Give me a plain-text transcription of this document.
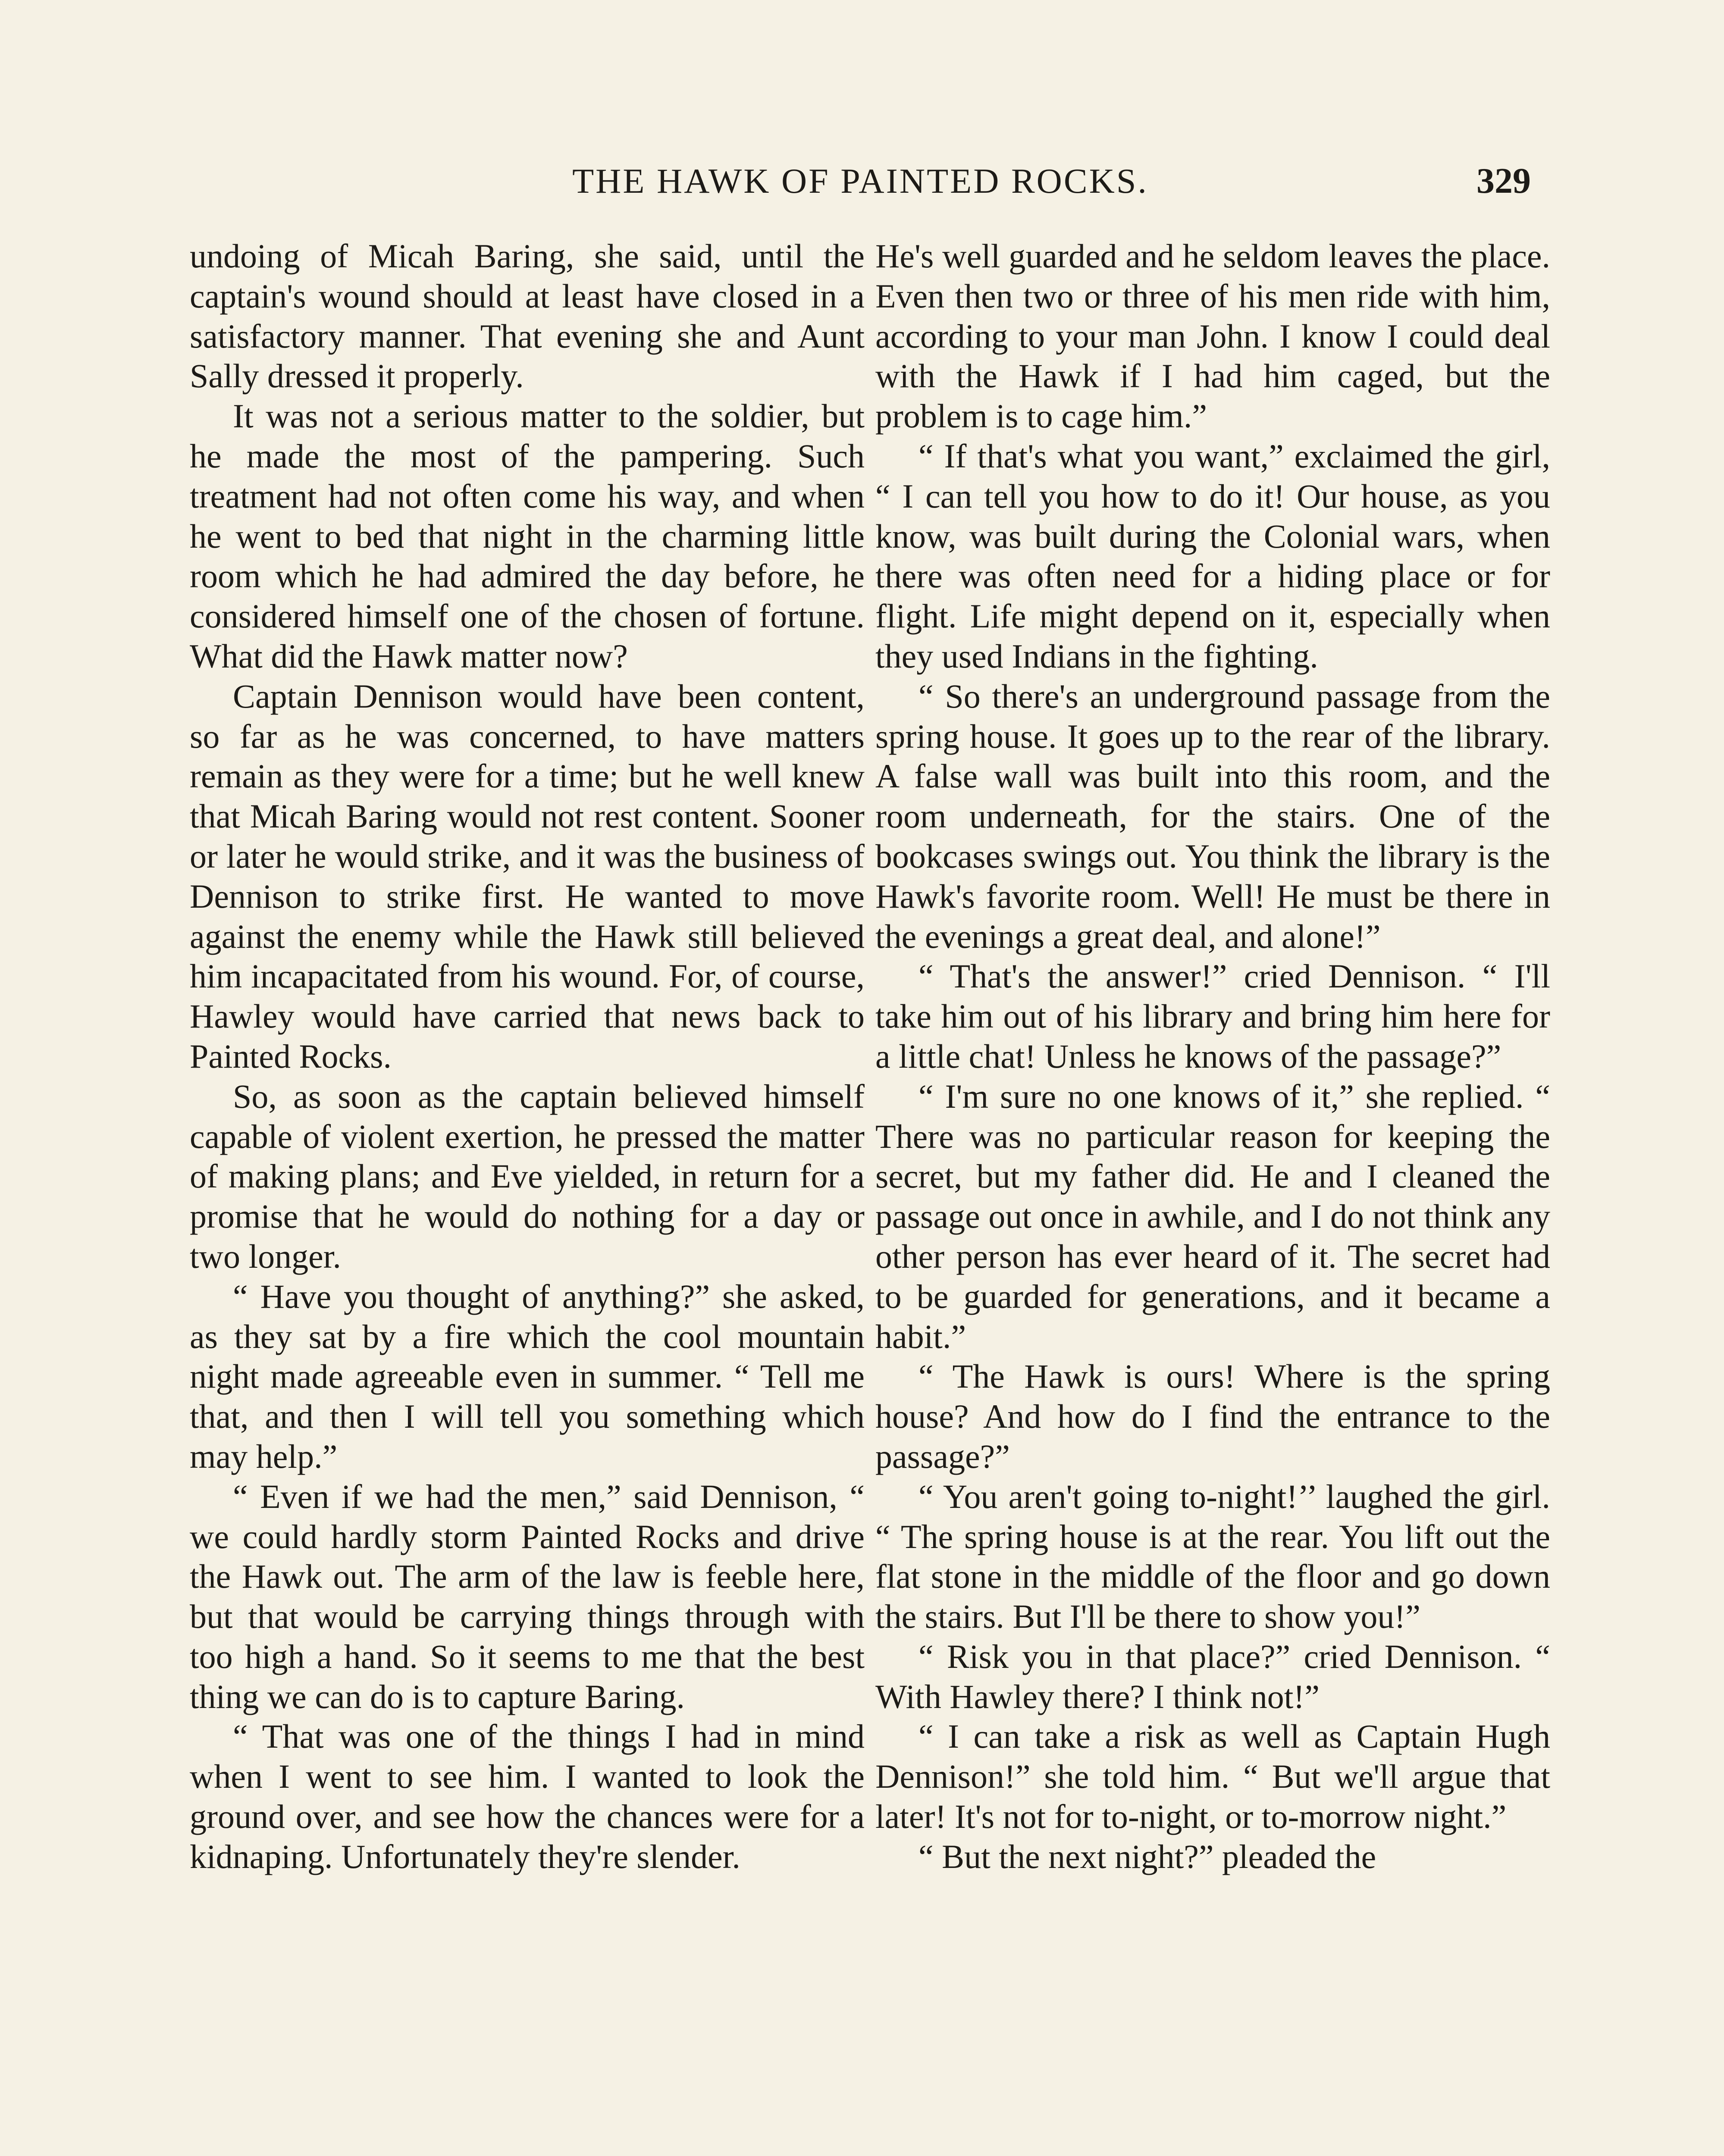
THE HAWK OF PAINTED ROCKS.	329

undoing of Micah Baring, she said, until the captain's wound should at least have closed in a satisfactory manner. That evening she and Aunt Sally dressed it properly.

It was not a serious matter to the soldier, but he made the most of the pampering. Such treatment had not often come his way, and when he went to bed that night in the charming little room which he had admired the day before, he considered himself one of the chosen of fortune. What did the Hawk matter now?

Captain Dennison would have been content, so far as he was concerned, to have matters remain as they were for a time; but he well knew that Micah Baring would not rest content. Sooner or later he would strike, and it was the business of Dennison to strike first. He wanted to move against the enemy while the Hawk still believed him incapacitated from his wound. For, of course, Hawley would have carried that news back to Painted Rocks.

So, as soon as the captain believed himself capable of violent exertion, he pressed the matter of making plans; and Eve yielded, in return for a promise that he would do nothing for a day or two longer.

“ Have you thought of anything?” she asked, as they sat by a fire which the cool mountain night made agreeable even in summer. “ Tell me that, and then I will tell you something which may help.”

“ Even if we had the men,” said Dennison, “ we could hardly storm Painted Rocks and drive the Hawk out. The arm of the law is feeble here, but that would be carrying things through with too high a hand. So it seems to me that the best thing we can do is to capture Baring.

“ That was one of the things I had in mind when I went to see him. I wanted to look the ground over, and see how the chances were for a kidnaping. Unfortunately they're slender.

He's well guarded and he seldom leaves the place. Even then two or three of his men ride with him, according to your man John. I know I could deal with the Hawk if I had him caged, but the problem is to cage him.”

“ If that's what you want,” exclaimed the girl, “ I can tell you how to do it! Our house, as you know, was built during the Colonial wars, when there was often need for a hiding place or for flight. Life might depend on it, especially when they used Indians in the fighting.

“ So there's an underground passage from the spring house. It goes up to the rear of the library. A false wall was built into this room, and the room underneath, for the stairs. One of the bookcases swings out. You think the library is the Hawk's favorite room. Well! He must be there in the evenings a great deal, and alone!”

“ That's the answer!” cried Dennison. “ I'll take him out of his library and bring him here for a little chat! Unless he knows of the passage?”

“ I'm sure no one knows of it,” she replied. “ There was no particular reason for keeping the secret, but my father did. He and I cleaned the passage out once in awhile, and I do not think any other person has ever heard of it. The secret had to be guarded for generations, and it became a habit.”

“ The Hawk is ours! Where is the spring house? And how do I find the entrance to the passage?”

“ You aren't going to-night!’’ laughed the girl. “ The spring house is at the rear. You lift out the flat stone in the middle of the floor and go down the stairs. But I'll be there to show you!”

“ Risk you in that place?” cried Dennison. “ With Hawley there? I think not!”

“ I can take a risk as well as Captain Hugh Dennison!” she told him. “ But we'll argue that later! It's not for to-night, or to-morrow night.”

“ But the next night?” pleaded the
